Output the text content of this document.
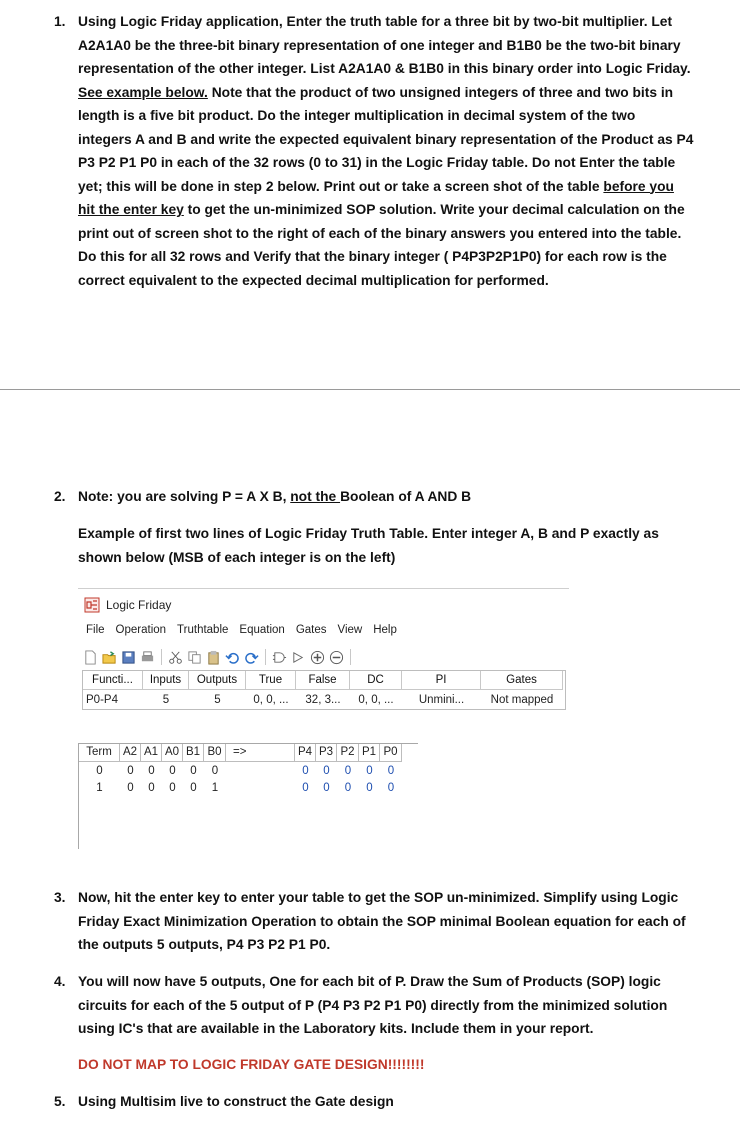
1. Using Logic Friday application, Enter the truth table for a three bit by two-bit multiplier. Let
A2A1A0 be the three-bit binary representation of one integer and B1B0 be the two-bit binary
representation of the other integer. List A2A1A0 & B1B0 in this binary order into Logic Friday.
See example below. Note that the product of two unsigned integers of three and two bits in
length is a five bit product. Do the integer multiplication in decimal system of the two
integers A and B and write the expected equivalent binary representation of the Product as P4
P3 P2 P1 P0 in each of the 32 rows (0 to 31) in the Logic Friday table. Do not Enter the table
yet; this will be done in step 2 below. Print out or take a screen shot of the table before you
hit the enter key to get the un-minimized SOP solution. Write your decimal calculation on the
print out of screen shot to the right of each of the binary answers you entered into the table.
Do this for all 32 rows and Verify that the binary integer ( P4P3P2P1P0) for each row is the
correct equivalent to the expected decimal multiplication for performed.
2. Note: you are solving P = A X B, not the Boolean of A AND B
Example of first two lines of Logic Friday Truth Table. Enter integer A, B and P exactly as
shown below (MSB of each integer is on the left)
Logic Friday
File Operation Truthtable Equation Gates View Help
Functi...	Inputs	Outputs	True	False	DC	PI	Gates
P0-P4	5	5	0, 0, ...	32, 3...	0, 0, ...	Unmini...	Not mapped
Term A2 A1 A0 B1 B0 =>	P4 P3 P2 P1 P0
0	0	0	0	0	0	0	0	0	0	0
1	0	0	0	0	1	0	0	0	0	0
3. Now, hit the enter key to enter your table to get the SOP un-minimized. Simplify using Logic
Friday Exact Minimization Operation to obtain the SOP minimal Boolean equation for each of
the outputs 5 outputs, P4 P3 P2 P1 P0.
4. You will now have 5 outputs, One for each bit of P. Draw the Sum of Products (SOP) logic
circuits for each of the 5 output of P (P4 P3 P2 P1 P0) directly from the minimized solution
using IC's that are available in the Laboratory kits. Include them in your report.
DO NOT MAP TO LOGIC FRIDAY GATE DESIGN!!!!!!!!
5. Using Multisim live to construct the Gate design
